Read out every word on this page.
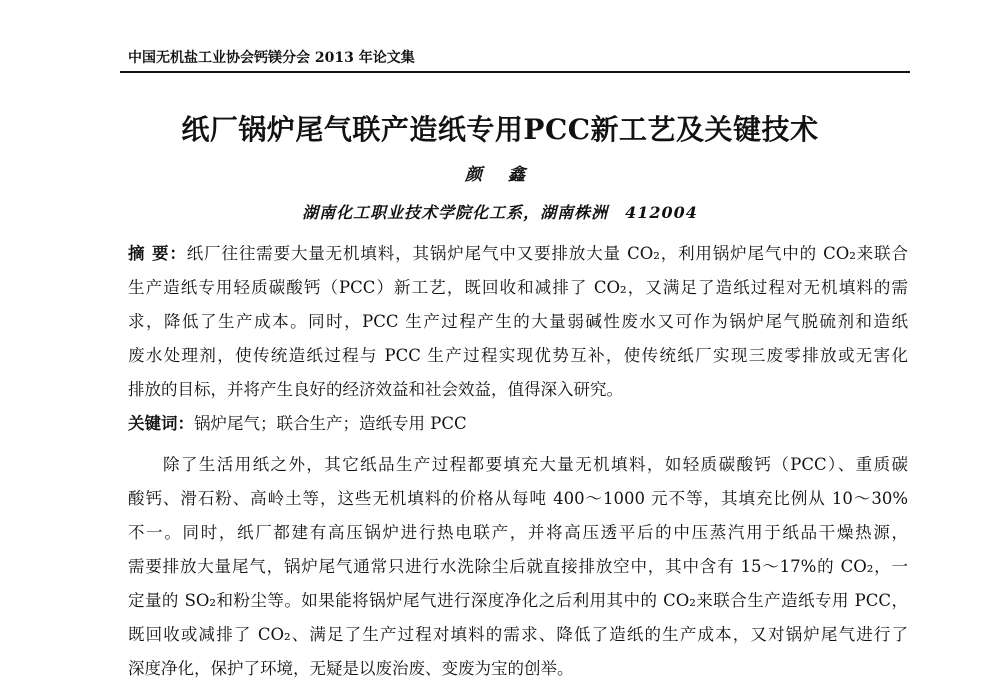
中国无机盐工业协会钙镁分会 2013 年论文集
纸厂锅炉尾气联产造纸专用PCC新工艺及关键技术
颜 鑫
湖南化工职业技术学院化工系，湖南株洲　412004
摘 要：纸厂往往需要大量无机填料，其锅炉尾气中又要排放大量 CO₂，利用锅炉尾气中的 CO₂来联合
生产造纸专用轻质碳酸钙（PCC）新工艺，既回收和减排了 CO₂，又满足了造纸过程对无机填料的需
求，降低了生产成本。同时，PCC 生产过程产生的大量弱碱性废水又可作为锅炉尾气脱硫剂和造纸
废水处理剂，使传统造纸过程与 PCC 生产过程实现优势互补，使传统纸厂实现三废零排放或无害化
排放的目标，并将产生良好的经济效益和社会效益，值得深入研究。
关键词：锅炉尾气；联合生产；造纸专用 PCC
除了生活用纸之外，其它纸品生产过程都要填充大量无机填料，如轻质碳酸钙（PCC）、重质碳
酸钙、滑石粉、高岭土等，这些无机填料的价格从每吨 400～1000 元不等，其填充比例从 10～30%
不一。同时，纸厂都建有高压锅炉进行热电联产，并将高压透平后的中压蒸汽用于纸品干燥热源，
需要排放大量尾气，锅炉尾气通常只进行水洗除尘后就直接排放空中，其中含有 15～17%的 CO₂，一
定量的 SO₂和粉尘等。如果能将锅炉尾气进行深度净化之后利用其中的 CO₂来联合生产造纸专用 PCC，
既回收或减排了 CO₂、满足了生产过程对填料的需求、降低了造纸的生产成本，又对锅炉尾气进行了
深度净化，保护了环境，无疑是以废治废、变废为宝的创举。
